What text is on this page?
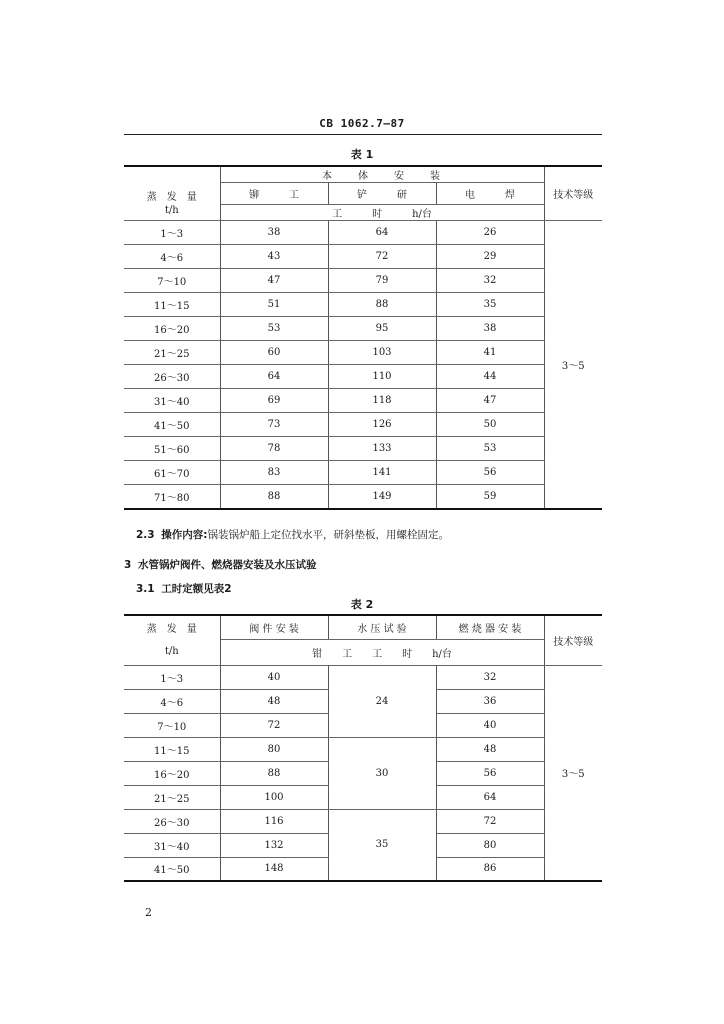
CB 1062.7—87
表 1
蒸　发　量	本　　体　　安　　装			技术等级
	铆　　　工	铲　　　研	电　　　焊	
t/h	工　　　时　　　h/台			
1～3	38	64	26	3～5
4～6	43	72	29	
7～10	47	79	32	
11～15	51	88	35	
16～20	53	95	38	
21～25	60	103	41	
26～30	64	110	44	
31～40	69	118	47	
41～50	73	126	50	
51～60	78	133	53	
61～70	83	141	56	
71～80	88	149	59	
2.3 操作内容:锅装锅炉船上定位找水平，研斜垫板，用螺栓固定。
3 水管锅炉阀件、燃烧器安装及水压试验
3.1 工时定额见表2
表 2
蒸　发　量	阀 件 安 装	水 压 试 验	燃 烧 器 安 装	技术等级
t/h	钳　　工　　工　　时　　h/台			
1～3	40	24	32	3～5
4～6	48		36	
7～10	72		40	
11～15	80	30	48	
16～20	88		56	
21～25	100		64	
26～30	116	35	72	
31～40	132		80	
41～50	148		86	
2
